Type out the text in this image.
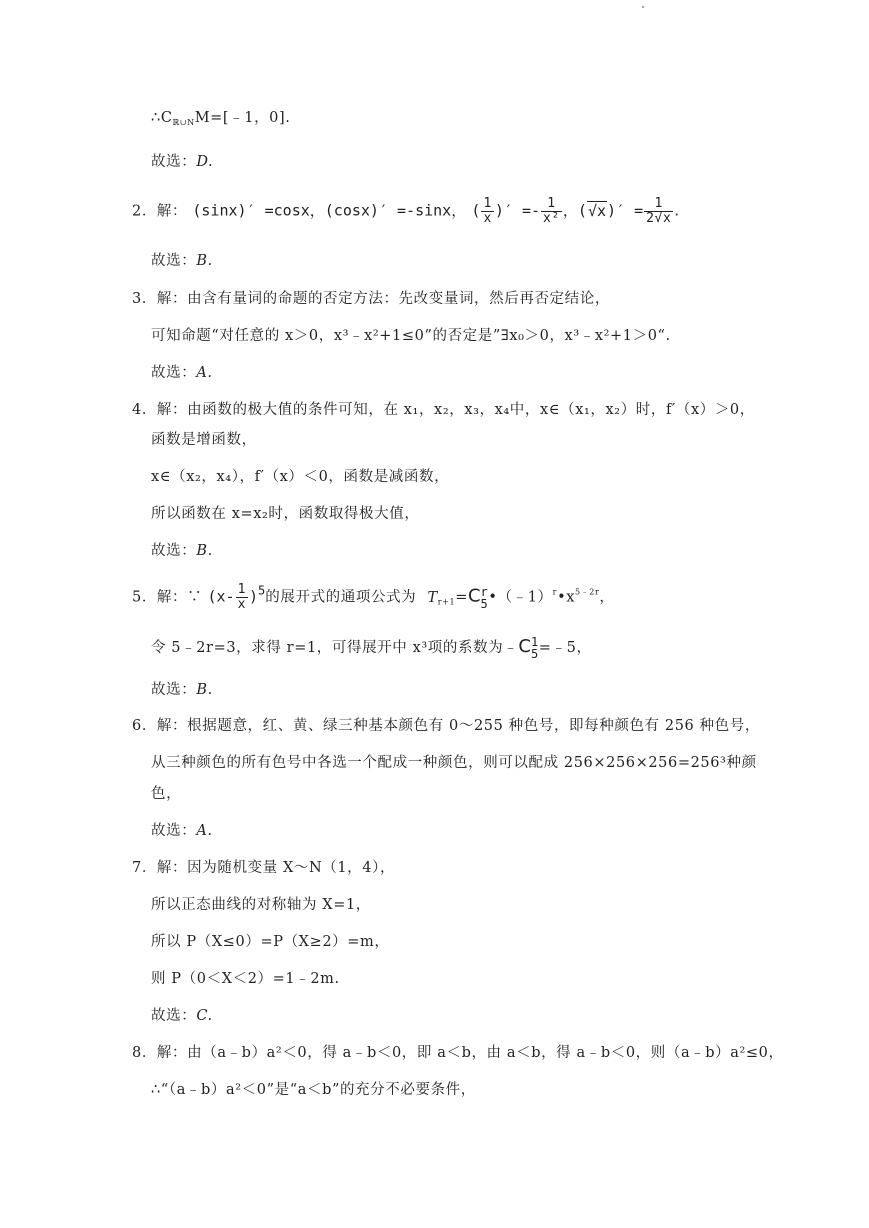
$\therefore C_{ℝ\cup N}M=[﹣1$，0].
故选：D.
2．解： (sinx)′ =cosx，(cosx)′ =-sinx， ( $\frac{1}{x}$ )′ =- $\frac{1}{\text{x²}}$ ，$(√x)' = \frac{1}{2√x}$ .
故选：B.
3．解：由含有量词的命题的否定方法：先改变量词，然后再否定结论，
可知命题“对任意的 x＞0，x³﹣x²+1≤0”的否定是”∃x₀＞0，x³﹣x²+1＞0“.
故选：A.
4．解：由函数的极大值的条件可知，在 x₁，x₂，x₃，x₄中，x∈（x₁，x₂）时，f′（x）＞0，
函数是增函数，
x∈（x₂，x₄），f′（x）＜0，函数是减函数，
所以函数在 x=x₂时，函数取得极大值，
故选：B.
5．解：∵ $(x- \frac{1}{x} )^5$的展开式的通项公式为 $T_{r+1}=C$ r
5 $•(﹣1)^r•x^{5﹣2r}$，
令 5﹣2r=3，求得 r=1，可得展开中 x³项的系数为﹣C 1
5 =﹣5，
故选：B.
6．解：根据题意，红、黄、绿三种基本颜色有 0～255 种色号，即每种颜色有 256 种色号，
从三种颜色的所有色号中各选一个配成一种颜色，则可以配成 256×256×256=256³种颜
色，
故选：A.
7．解：因为随机变量 X～N（1，4），
所以正态曲线的对称轴为 X=1，
所以 P（X≤0）=P（X≥2）=m，
则 P（0＜X＜2）=1﹣2m.
故选：C.
8．解：由（a﹣b）a²＜0，得 a﹣b＜0，即 a＜b，由 a＜b，得 a﹣b＜0，则（a﹣b）a²≤0，
∴“（a﹣b）a²＜0”是“a＜b”的充分不必要条件，
